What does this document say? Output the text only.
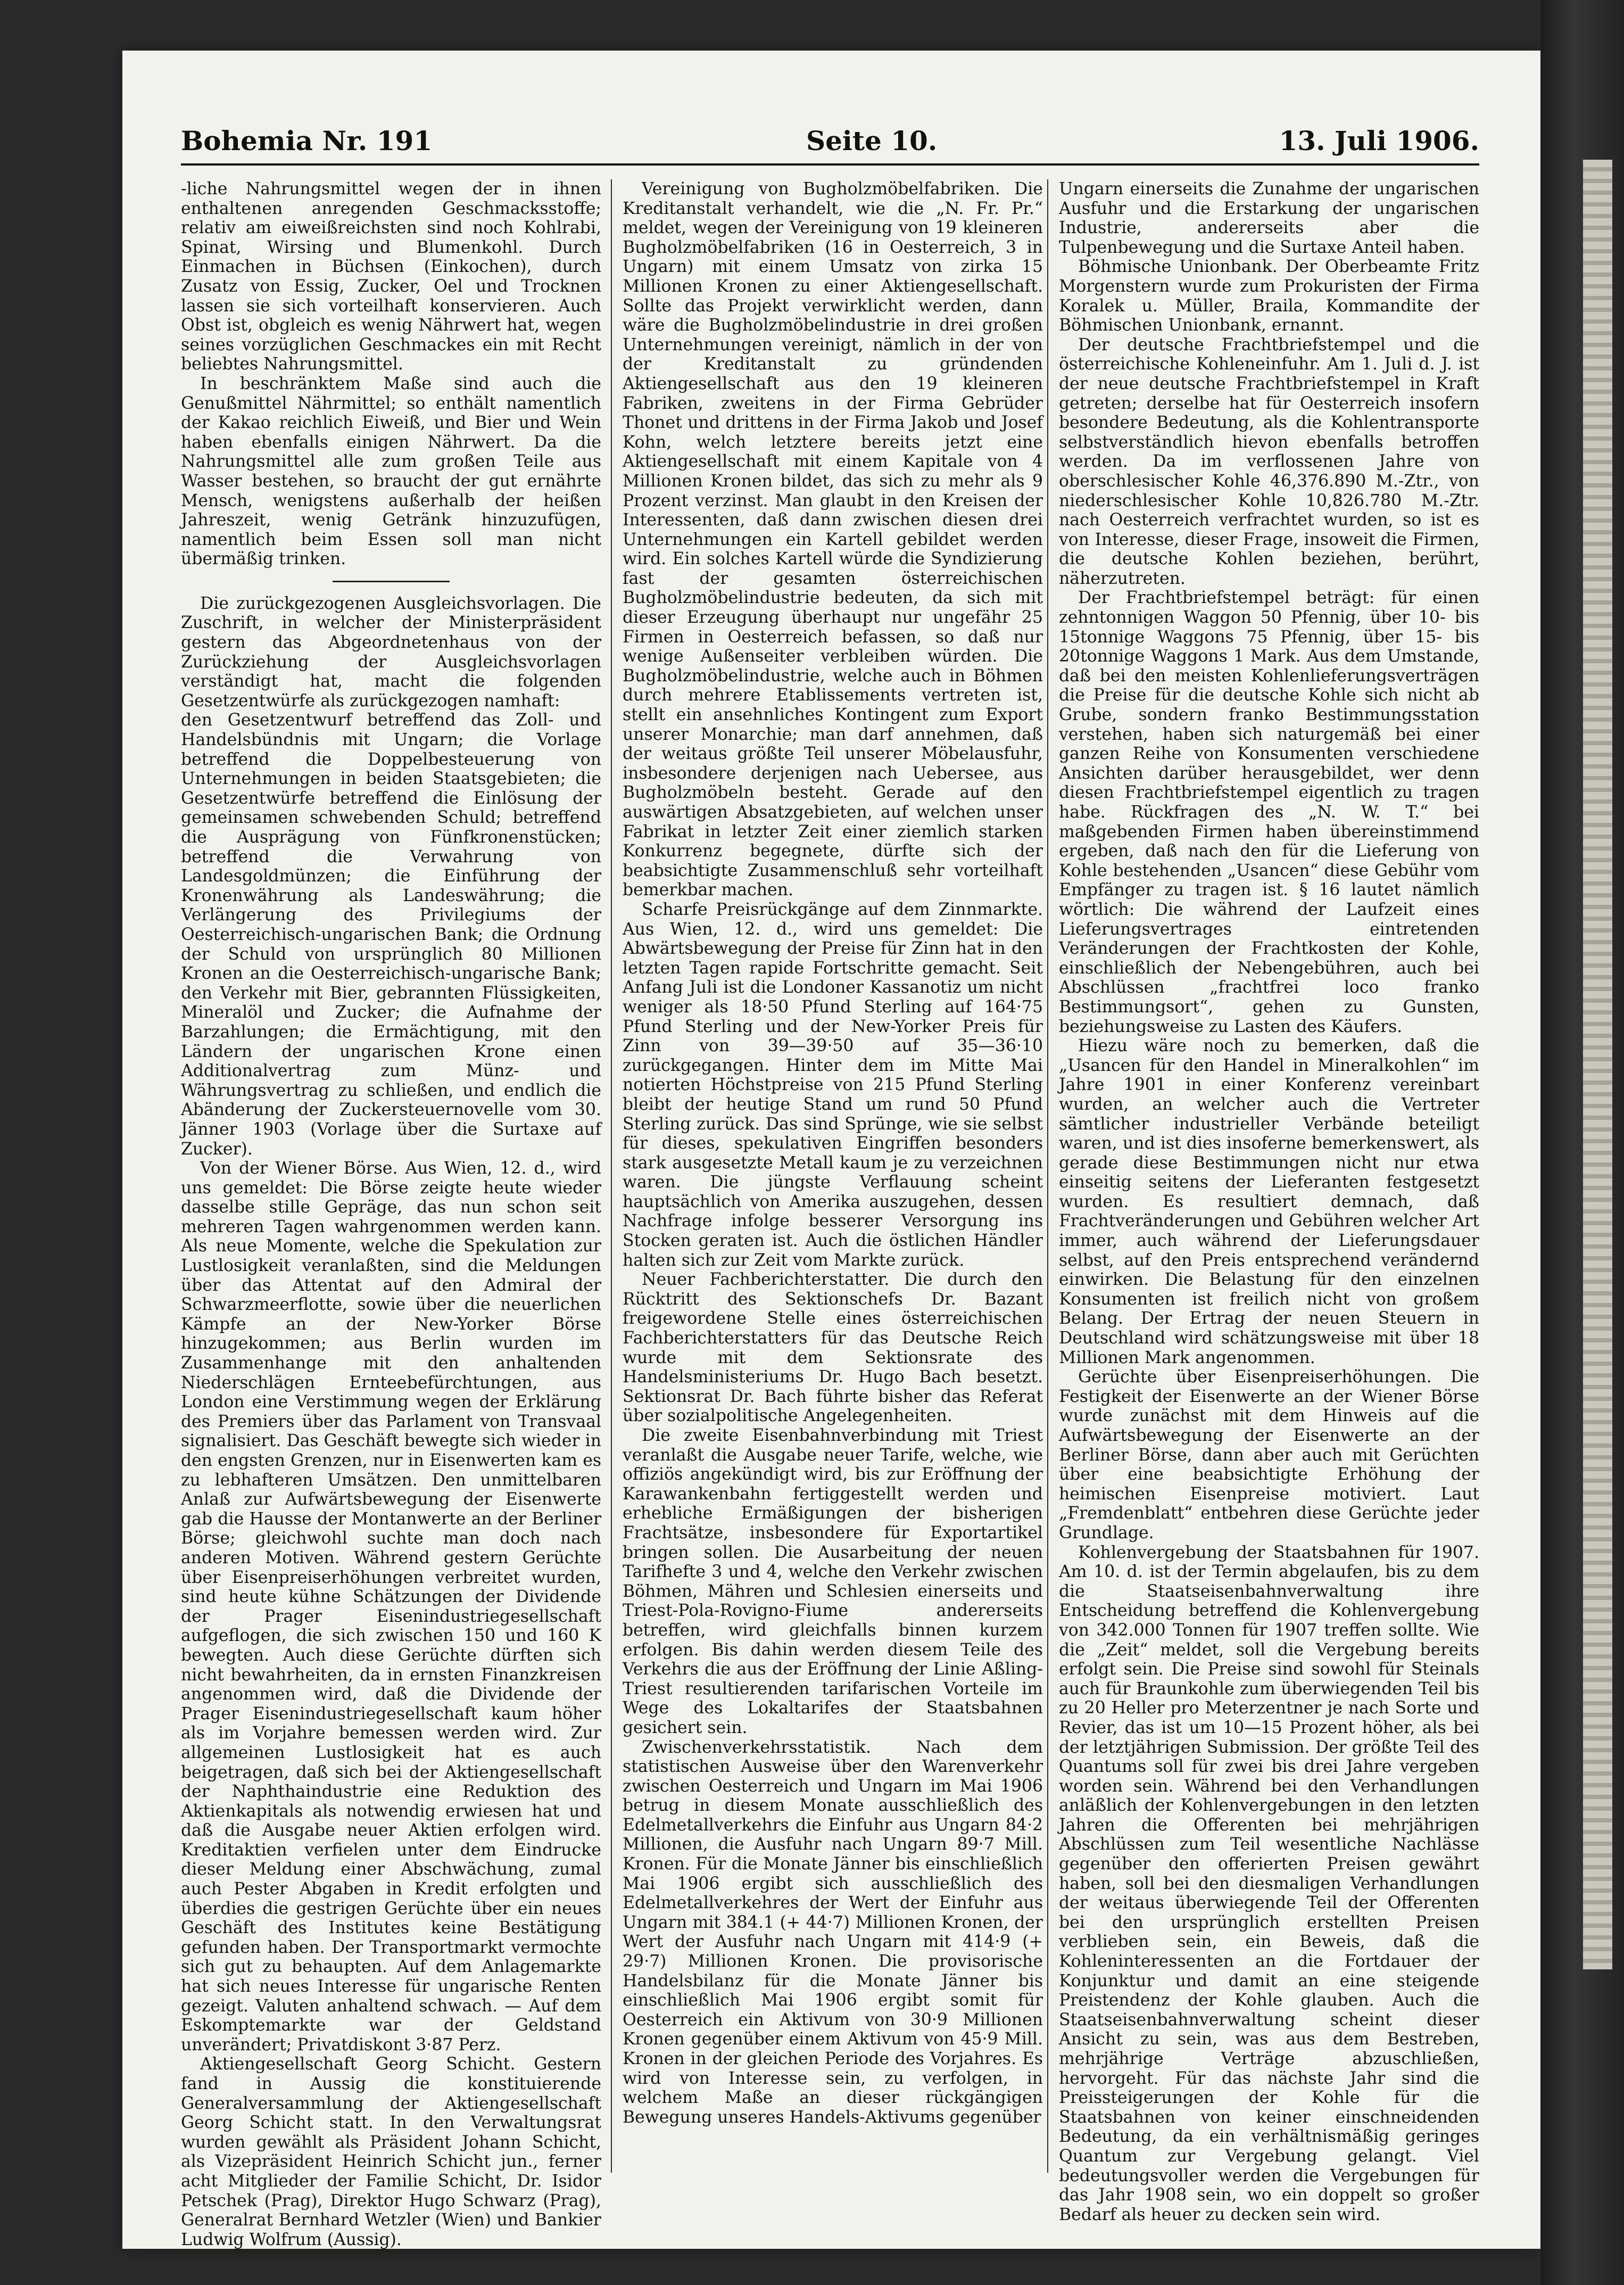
Bohemia Nr. 191	Seite 10.	13. Juli 1906.

-liche Nahrungsmittel wegen der in ihnen enthaltenen anregenden Geschmacksstoffe; relativ am eiweißreichsten sind noch Kohlrabi, Spinat, Wirsing und Blumenkohl. Durch Einmachen in Büchsen (Einkochen), durch Zusatz von Essig, Zucker, Oel und Trocknen lassen sie sich vorteilhaft konservieren. Auch Obst ist, obgleich es wenig Nährwert hat, wegen seines vorzüglichen Geschmackes ein mit Recht beliebtes Nahrungsmittel.

In beschränktem Maße sind auch die Genußmittel Nährmittel; so enthält namentlich der Kakao reichlich Eiweiß, und Bier und Wein haben ebenfalls einigen Nährwert. Da die Nahrungsmittel alle zum großen Teile aus Wasser bestehen, so braucht der gut ernährte Mensch, wenigstens außerhalb der heißen Jahreszeit, wenig Getränk hinzuzufügen, namentlich beim Essen soll man nicht übermäßig trinken.

Die zurückgezogenen Ausgleichsvorlagen. Die Zuschrift, in welcher der Ministerpräsident gestern das Abgeordnetenhaus von der Zurückziehung der Ausgleichsvorlagen verständigt hat, macht die folgenden Gesetzentwürfe als zurückgezogen namhaft:

den Gesetzentwurf betreffend das Zoll- und Handelsbündnis mit Ungarn; die Vorlage betreffend die Doppelbesteuerung von Unternehmungen in beiden Staatsgebieten; die Gesetzentwürfe betreffend die Einlösung der gemeinsamen schwebenden Schuld; betreffend die Ausprägung von Fünfkronenstücken; betreffend die Verwahrung von Landesgoldmünzen; die Einführung der Kronenwährung als Landeswährung; die Verlängerung des Privilegiums der Oesterreichisch-ungarischen Bank; die Ordnung der Schuld von ursprünglich 80 Millionen Kronen an die Oesterreichisch-ungarische Bank; den Verkehr mit Bier, gebrannten Flüssigkeiten, Mineralöl und Zucker; die Aufnahme der Barzahlungen; die Ermächtigung, mit den Ländern der ungarischen Krone einen Additionalvertrag zum Münz- und Währungsvertrag zu schließen, und endlich die Abänderung der Zuckersteuernovelle vom 30. Jänner 1903 (Vorlage über die Surtaxe auf Zucker).

Von der Wiener Börse. Aus Wien, 12. d., wird uns gemeldet: Die Börse zeigte heute wieder dasselbe stille Gepräge, das nun schon seit mehreren Tagen wahrgenommen werden kann. Als neue Momente, welche die Spekulation zur Lustlosigkeit veranlaßten, sind die Meldungen über das Attentat auf den Admiral der Schwarzmeerflotte, sowie über die neuerlichen Kämpfe an der New-Yorker Börse hinzugekommen; aus Berlin wurden im Zusammenhange mit den anhaltenden Niederschlägen Ernteebefürchtungen, aus London eine Verstimmung wegen der Erklärung des Premiers über das Parlament von Transvaal signalisiert. Das Geschäft bewegte sich wieder in den engsten Grenzen, nur in Eisenwerten kam es zu lebhafteren Umsätzen. Den unmittelbaren Anlaß zur Aufwärtsbewegung der Eisenwerte gab die Hausse der Montanwerte an der Berliner Börse; gleichwohl suchte man doch nach anderen Motiven. Während gestern Gerüchte über Eisenpreiserhöhungen verbreitet wurden, sind heute kühne Schätzungen der Dividende der Prager Eisenindustriegesellschaft aufgeflogen, die sich zwischen 150 und 160 K bewegten. Auch diese Gerüchte dürften sich nicht bewahrheiten, da in ernsten Finanzkreisen angenommen wird, daß die Dividende der Prager Eisenindustriegesellschaft kaum höher als im Vorjahre bemessen werden wird. Zur allgemeinen Lustlosigkeit hat es auch beigetragen, daß sich bei der Aktiengesellschaft der Naphthaindustrie eine Reduktion des Aktienkapitals als notwendig erwiesen hat und daß die Ausgabe neuer Aktien erfolgen wird. Kreditaktien verfielen unter dem Eindrucke dieser Meldung einer Abschwächung, zumal auch Pester Abgaben in Kredit erfolgten und überdies die gestrigen Gerüchte über ein neues Geschäft des Institutes keine Bestätigung gefunden haben. Der Transportmarkt vermochte sich gut zu behaupten. Auf dem Anlagemarkte hat sich neues Interesse für ungarische Renten gezeigt. Valuten anhaltend schwach. — Auf dem Eskomptemarkte war der Geldstand unverändert; Privatdiskont 3·87 Perz.

Aktiengesellschaft Georg Schicht. Gestern fand in Aussig die konstituierende Generalversammlung der Aktiengesellschaft Georg Schicht statt. In den Verwaltungsrat wurden gewählt als Präsident Johann Schicht, als Vizepräsident Heinrich Schicht jun., ferner acht Mitglieder der Familie Schicht, Dr. Isidor Petschek (Prag), Direktor Hugo Schwarz (Prag), Generalrat Bernhard Wetzler (Wien) und Bankier Ludwig Wolfrum (Aussig).

Vereinigung von Bugholzmöbelfabriken. Die Kreditanstalt verhandelt, wie die „N. Fr. Pr.“ meldet, wegen der Vereinigung von 19 kleineren Bugholzmöbelfabriken (16 in Oesterreich, 3 in Ungarn) mit einem Umsatz von zirka 15 Millionen Kronen zu einer Aktiengesellschaft. Sollte das Projekt verwirklicht werden, dann wäre die Bugholzmöbelindustrie in drei großen Unternehmungen vereinigt, nämlich in der von der Kreditanstalt zu gründenden Aktiengesellschaft aus den 19 kleineren Fabriken, zweitens in der Firma Gebrüder Thonet und drittens in der Firma Jakob und Josef Kohn, welch letztere bereits jetzt eine Aktiengesellschaft mit einem Kapitale von 4 Millionen Kronen bildet, das sich zu mehr als 9 Prozent verzinst. Man glaubt in den Kreisen der Interessenten, daß dann zwischen diesen drei Unternehmungen ein Kartell gebildet werden wird. Ein solches Kartell würde die Syndizierung fast der gesamten österreichischen Bugholzmöbelindustrie bedeuten, da sich mit dieser Erzeugung überhaupt nur ungefähr 25 Firmen in Oesterreich befassen, so daß nur wenige Außenseiter verbleiben würden. Die Bugholzmöbelindustrie, welche auch in Böhmen durch mehrere Etablissements vertreten ist, stellt ein ansehnliches Kontingent zum Export unserer Monarchie; man darf annehmen, daß der weitaus größte Teil unserer Möbelausfuhr, insbesondere derjenigen nach Uebersee, aus Bugholzmöbeln besteht. Gerade auf den auswärtigen Absatzgebieten, auf welchen unser Fabrikat in letzter Zeit einer ziemlich starken Konkurrenz begegnete, dürfte sich der beabsichtigte Zusammenschluß sehr vorteilhaft bemerkbar machen.

Scharfe Preisrückgänge auf dem Zinnmarkte. Aus Wien, 12. d., wird uns gemeldet: Die Abwärtsbewegung der Preise für Zinn hat in den letzten Tagen rapide Fortschritte gemacht. Seit Anfang Juli ist die Londoner Kassanotiz um nicht weniger als 18·50 Pfund Sterling auf 164·75 Pfund Sterling und der New-Yorker Preis für Zinn von 39—39·50 auf 35—36·10 zurückgegangen. Hinter dem im Mitte Mai notierten Höchstpreise von 215 Pfund Sterling bleibt der heutige Stand um rund 50 Pfund Sterling zurück. Das sind Sprünge, wie sie selbst für dieses, spekulativen Eingriffen besonders stark ausgesetzte Metall kaum je zu verzeichnen waren. Die jüngste Verflauung scheint hauptsächlich von Amerika auszugehen, dessen Nachfrage infolge besserer Versorgung ins Stocken geraten ist. Auch die östlichen Händler halten sich zur Zeit vom Markte zurück.

Neuer Fachberichterstatter. Die durch den Rücktritt des Sektionschefs Dr. Bazant freigewordene Stelle eines österreichischen Fachberichterstatters für das Deutsche Reich wurde mit dem Sektionsrate des Handelsministeriums Dr. Hugo Bach besetzt. Sektionsrat Dr. Bach führte bisher das Referat über sozialpolitische Angelegenheiten.

Die zweite Eisenbahnverbindung mit Triest veranlaßt die Ausgabe neuer Tarife, welche, wie offiziös angekündigt wird, bis zur Eröffnung der Karawankenbahn fertiggestellt werden und erhebliche Ermäßigungen der bisherigen Frachtsätze, insbesondere für Exportartikel bringen sollen. Die Ausarbeitung der neuen Tarifhefte 3 und 4, welche den Verkehr zwischen Böhmen, Mähren und Schlesien einerseits und Triest-Pola-Rovigno-Fiume andererseits betreffen, wird gleichfalls binnen kurzem erfolgen. Bis dahin werden diesem Teile des Verkehrs die aus der Eröffnung der Linie Aßling-Triest resultierenden tarifarischen Vorteile im Wege des Lokaltarifes der Staatsbahnen gesichert sein.

Zwischenverkehrsstatistik. Nach dem statistischen Ausweise über den Warenverkehr zwischen Oesterreich und Ungarn im Mai 1906 betrug in diesem Monate ausschließlich des Edelmetallverkehrs die Einfuhr aus Ungarn 84·2 Millionen, die Ausfuhr nach Ungarn 89·7 Mill. Kronen. Für die Monate Jänner bis einschließlich Mai 1906 ergibt sich ausschließlich des Edelmetallverkehres der Wert der Einfuhr aus Ungarn mit 384.1 (+ 44·7) Millionen Kronen, der Wert der Ausfuhr nach Ungarn mit 414·9 (+ 29·7) Millionen Kronen. Die provisorische Handelsbilanz für die Monate Jänner bis einschließlich Mai 1906 ergibt somit für Oesterreich ein Aktivum von 30·9 Millionen Kronen gegenüber einem Aktivum von 45·9 Mill. Kronen in der gleichen Periode des Vorjahres. Es wird von Interesse sein, zu verfolgen, in welchem Maße an dieser rückgängigen Bewegung unseres Handels-Aktivums gegenüber

Ungarn einerseits die Zunahme der ungarischen Ausfuhr und die Erstarkung der ungarischen Industrie, andererseits aber die Tulpenbewegung und die Surtaxe Anteil haben.

Böhmische Unionbank. Der Oberbeamte Fritz Morgenstern wurde zum Prokuristen der Firma Koralek u. Müller, Braila, Kommandite der Böhmischen Unionbank, ernannt.

Der deutsche Frachtbriefstempel und die österreichische Kohleneinfuhr. Am 1. Juli d. J. ist der neue deutsche Frachtbriefstempel in Kraft getreten; derselbe hat für Oesterreich insofern besondere Bedeutung, als die Kohlentransporte selbstverständlich hievon ebenfalls betroffen werden. Da im verflossenen Jahre von oberschlesischer Kohle 46,376.890 M.-Ztr., von niederschlesischer Kohle 10,826.780 M.-Ztr. nach Oesterreich verfrachtet wurden, so ist es von Interesse, dieser Frage, insoweit die Firmen, die deutsche Kohlen beziehen, berührt, näherzutreten.

Der Frachtbriefstempel beträgt: für einen zehntonnigen Waggon 50 Pfennig, über 10- bis 15tonnige Waggons 75 Pfennig, über 15- bis 20tonnige Waggons 1 Mark. Aus dem Umstande, daß bei den meisten Kohlenlieferungsverträgen die Preise für die deutsche Kohle sich nicht ab Grube, sondern franko Bestimmungsstation verstehen, haben sich naturgemäß bei einer ganzen Reihe von Konsumenten verschiedene Ansichten darüber herausgebildet, wer denn diesen Frachtbriefstempel eigentlich zu tragen habe. Rückfragen des „N. W. T.“ bei maßgebenden Firmen haben übereinstimmend ergeben, daß nach den für die Lieferung von Kohle bestehenden „Usancen“ diese Gebühr vom Empfänger zu tragen ist. § 16 lautet nämlich wörtlich: Die während der Laufzeit eines Lieferungsvertrages eintretenden Veränderungen der Frachtkosten der Kohle, einschließlich der Nebengebühren, auch bei Abschlüssen „frachtfrei loco franko Bestimmungsort“, gehen zu Gunsten, beziehungsweise zu Lasten des Käufers.

Hiezu wäre noch zu bemerken, daß die „Usancen für den Handel in Mineralkohlen“ im Jahre 1901 in einer Konferenz vereinbart wurden, an welcher auch die Vertreter sämtlicher industrieller Verbände beteiligt waren, und ist dies insoferne bemerkenswert, als gerade diese Bestimmungen nicht nur etwa einseitig seitens der Lieferanten festgesetzt wurden. Es resultiert demnach, daß Frachtveränderungen und Gebühren welcher Art immer, auch während der Lieferungsdauer selbst, auf den Preis entsprechend verändernd einwirken. Die Belastung für den einzelnen Konsumenten ist freilich nicht von großem Belang. Der Ertrag der neuen Steuern in Deutschland wird schätzungsweise mit über 18 Millionen Mark angenommen.

Gerüchte über Eisenpreiserhöhungen. Die Festigkeit der Eisenwerte an der Wiener Börse wurde zunächst mit dem Hinweis auf die Aufwärtsbewegung der Eisenwerte an der Berliner Börse, dann aber auch mit Gerüchten über eine beabsichtigte Erhöhung der heimischen Eisenpreise motiviert. Laut „Fremdenblatt“ entbehren diese Gerüchte jeder Grundlage.

Kohlenvergebung der Staatsbahnen für 1907. Am 10. d. ist der Termin abgelaufen, bis zu dem die Staatseisenbahnverwaltung ihre Entscheidung betreffend die Kohlenvergebung von 342.000 Tonnen für 1907 treffen sollte. Wie die „Zeit“ meldet, soll die Vergebung bereits erfolgt sein. Die Preise sind sowohl für Steinals auch für Braunkohle zum überwiegenden Teil bis zu 20 Heller pro Meterzentner je nach Sorte und Revier, das ist um 10—15 Prozent höher, als bei der letztjährigen Submission. Der größte Teil des Quantums soll für zwei bis drei Jahre vergeben worden sein. Während bei den Verhandlungen anläßlich der Kohlenvergebungen in den letzten Jahren die Offerenten bei mehrjährigen Abschlüssen zum Teil wesentliche Nachlässe gegenüber den offerierten Preisen gewährt haben, soll bei den diesmaligen Verhandlungen der weitaus überwiegende Teil der Offerenten bei den ursprünglich erstellten Preisen verblieben sein, ein Beweis, daß die Kohleninteressenten an die Fortdauer der Konjunktur und damit an eine steigende Preistendenz der Kohle glauben. Auch die Staatseisenbahnverwaltung scheint dieser Ansicht zu sein, was aus dem Bestreben, mehrjährige Verträge abzuschließen, hervorgeht. Für das nächste Jahr sind die Preissteigerungen der Kohle für die Staatsbahnen von keiner einschneidenden Bedeutung, da ein verhältnismäßig geringes Quantum zur Vergebung gelangt. Viel bedeutungsvoller werden die Vergebungen für das Jahr 1908 sein, wo ein doppelt so großer Bedarf als heuer zu decken sein wird.
